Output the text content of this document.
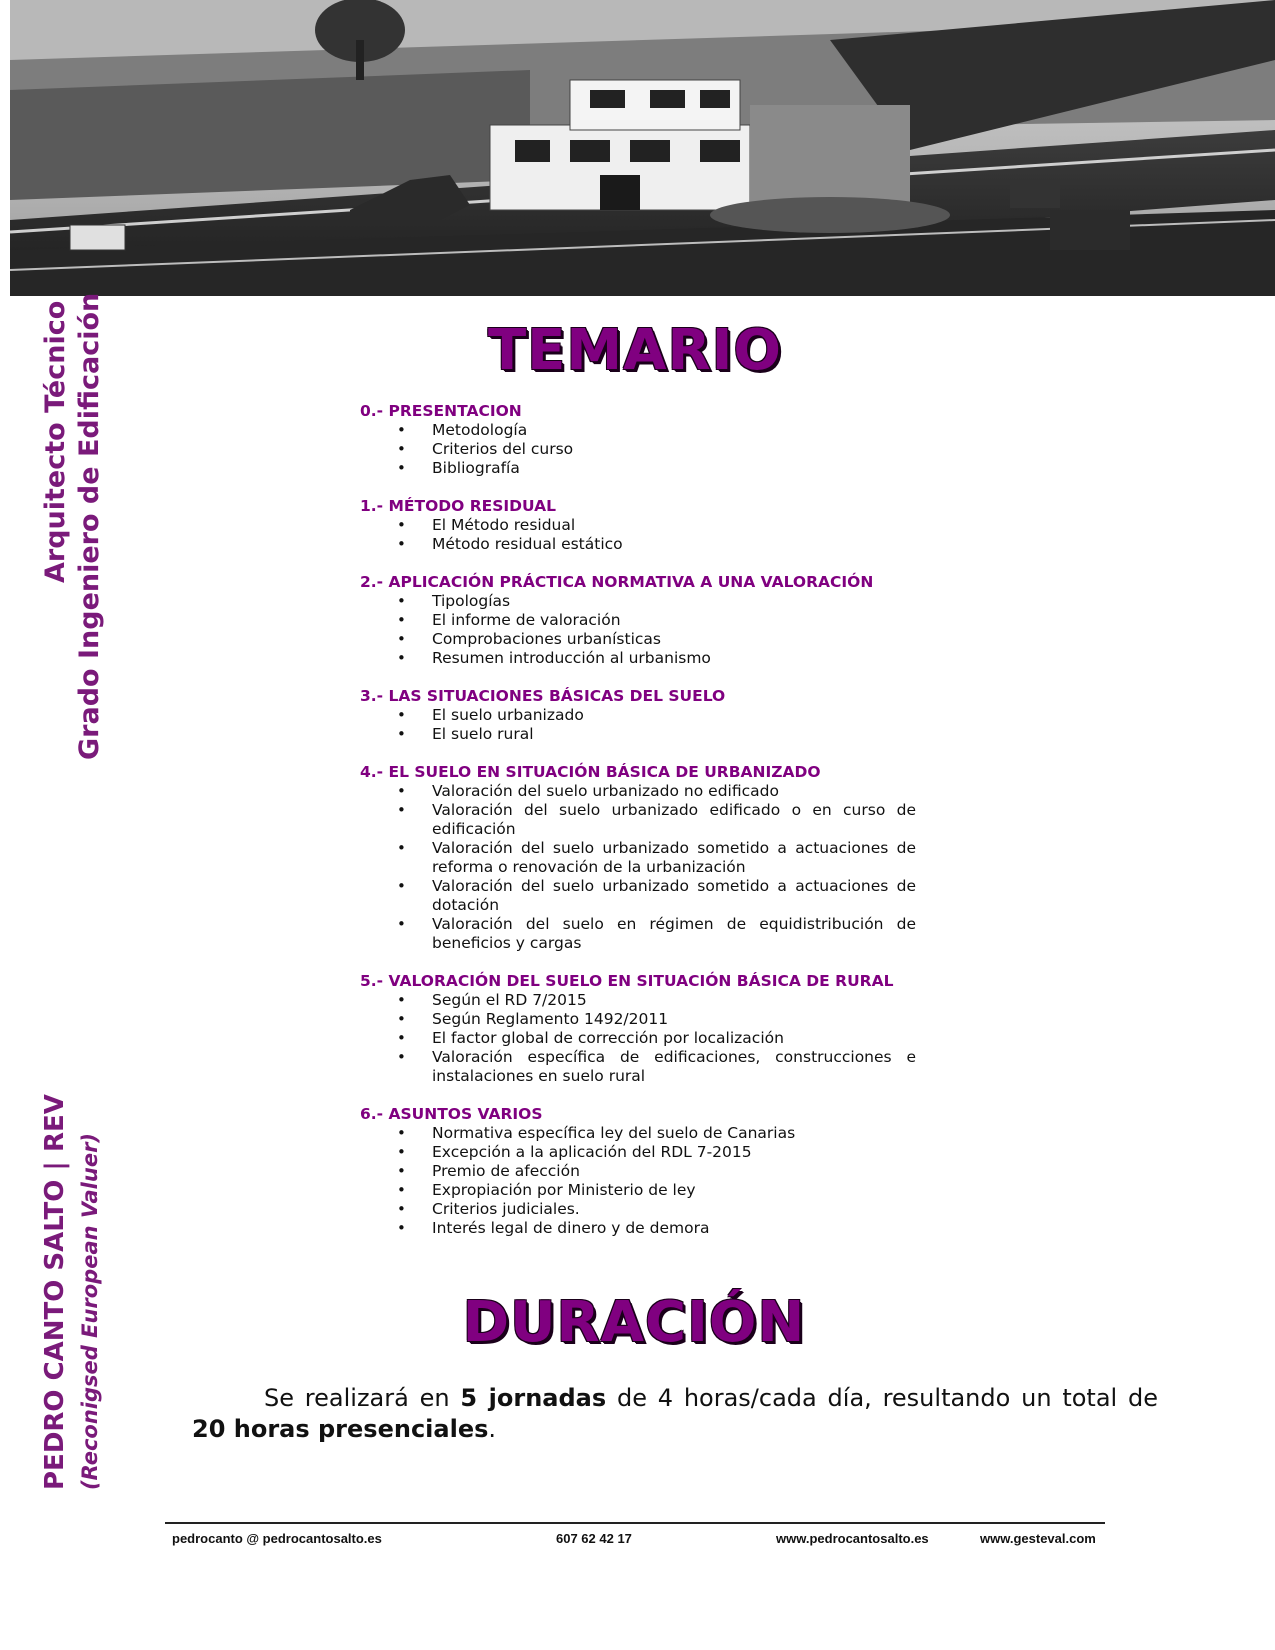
Arquitecto Técnico Grado Ingeniero de Edificación
PEDRO CANTO SALTO | REV (Reconigsed European Valuer)
TEMARIO
0.- PRESENTACION
• Metodología
• Criterios del curso
• Bibliografía
1.- MÉTODO RESIDUAL
• El Método residual
• Método residual estático
2.- APLICACIÓN PRÁCTICA NORMATIVA A UNA VALORACIÓN
• Tipologías
• El informe de valoración
• Comprobaciones urbanísticas
• Resumen introducción al urbanismo
3.- LAS SITUACIONES BÁSICAS DEL SUELO
• El suelo urbanizado
• El suelo rural
4.- EL SUELO EN SITUACIÓN BÁSICA DE URBANIZADO
• Valoración del suelo urbanizado no edificado
• Valoración del suelo urbanizado edificado o en curso de edificación
• Valoración del suelo urbanizado sometido a actuaciones de reforma o renovación de la urbanización
• Valoración del suelo urbanizado sometido a actuaciones de dotación
• Valoración del suelo en régimen de equidistribución de beneficios y cargas
5.- VALORACIÓN DEL SUELO EN SITUACIÓN BÁSICA DE RURAL
• Según el RD 7/2015
• Según Reglamento 1492/2011
• El factor global de corrección por localización
• Valoración específica de edificaciones, construcciones e instalaciones en suelo rural
6.- ASUNTOS VARIOS
• Normativa específica ley del suelo de Canarias
• Excepción a la aplicación del RDL 7-2015
• Premio de afección
• Expropiación por Ministerio de ley
• Criterios judiciales.
• Interés legal de dinero y de demora
DURACIÓN

Se realizará en 5 jornadas de 4 horas/cada día, resultando un total de 20 horas presenciales.

pedrocanto @ pedrocantosalto.es	607 62 42 17	www.pedrocantosalto.es	www.gesteval.com
